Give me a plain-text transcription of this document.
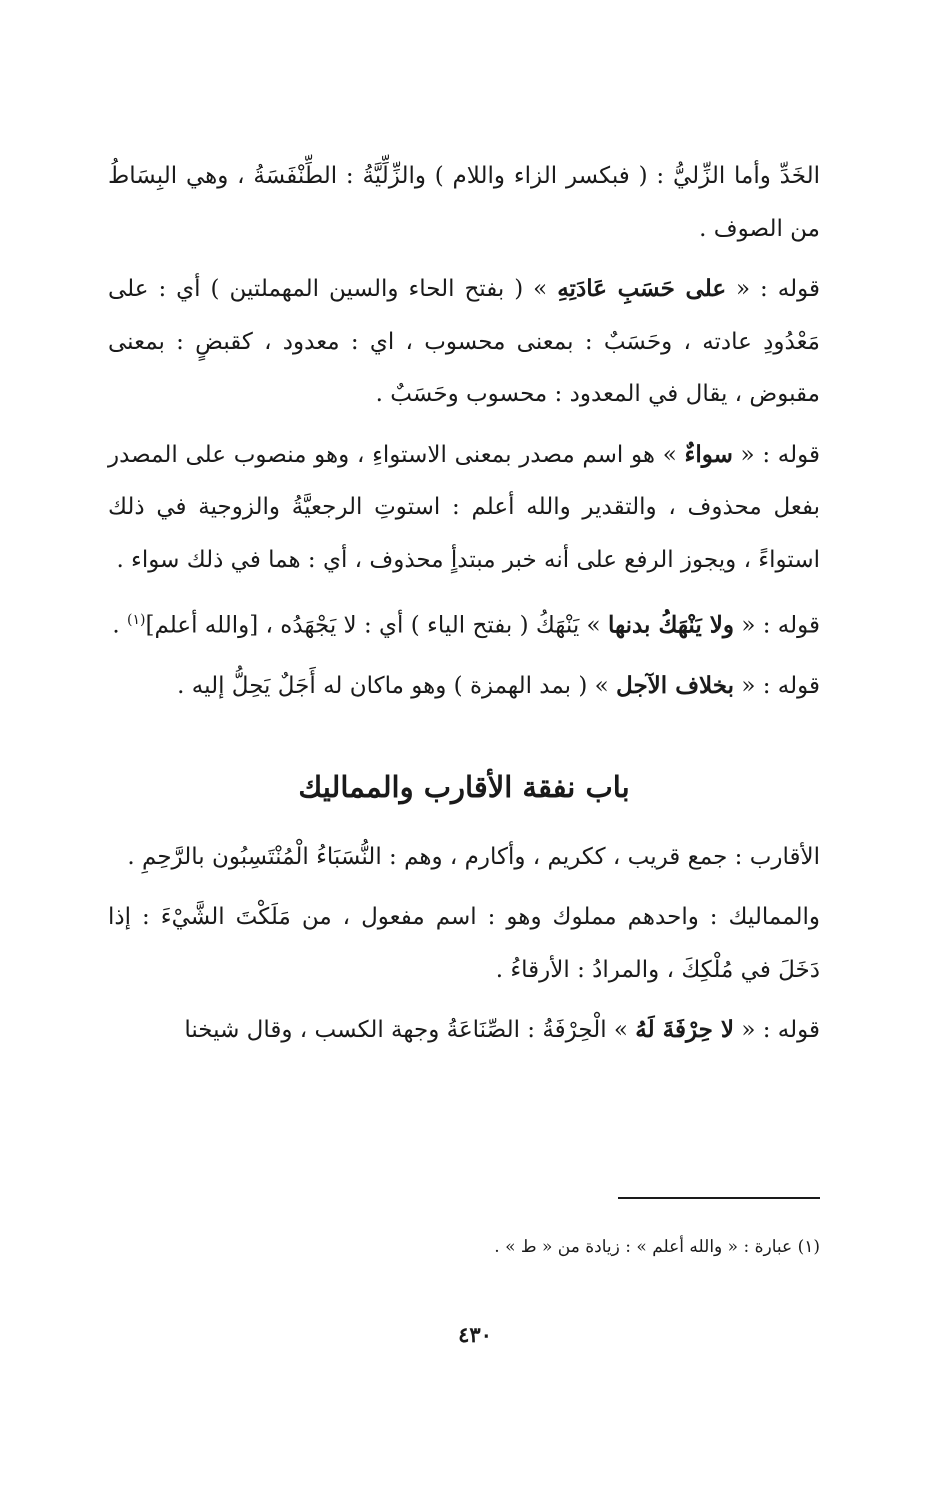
الخَدِّ وأما الزِّليُّ : ( فبكسر الزاء واللام ) والزِّلِّيَّةُ : الطِّنْفَسَةُ ، وهي البِسَاطُ من الصوف .

قوله : « على حَسَبِ عَادَتِهِ » ( بفتح الحاء والسين المهملتين ) أي : على مَعْدُودِ عادته ، وحَسَبٌ : بمعنى محسوب ، اي : معدود ، كقبضٍ : بمعنى مقبوض ، يقال في المعدود : محسوب وحَسَبٌ .

قوله : « سواءٌ » هو اسم مصدر بمعنى الاستواءِ ، وهو منصوب على المصدر بفعل محذوف ، والتقدير والله أعلم : استوتِ الرجعيَّةُ والزوجية في ذلك استواءً ، ويجوز الرفع على أنه خبر مبتدأٍ محذوف ، أي : هما في ذلك سواء .

قوله : « ولا يَنْهَكُ بدنها » يَنْهَكُ ( بفتح الياء ) أي : لا يَجْهَدُه ، [والله أعلم]$^{(١)}$ .

قوله : « بخلاف الآجل » ( بمد الهمزة ) وهو ماكان له أَجَلٌ يَحِلُّ إليه .

باب نفقة الأقارب والمماليك

الأقارب : جمع قريب ، ككريم ، وأكارم ، وهم : النُّسَبَاءُ الْمُنْتَسِبُون بالرَّحِمِ .

والمماليك : واحدهم مملوك وهو : اسم مفعول ، من مَلَكْتَ الشَّيْءَ : إذا دَخَلَ في مُلْكِكَ ، والمرادُ : الأرقاءُ .

قوله : « لا حِرْفَةَ لَهُ » الْحِرْفَةُ : الصِّنَاعَةُ وجهة الكسب ، وقال شيخنا

(١) عبارة : « والله أعلم » : زيادة من « ط » .
٤٣٠
